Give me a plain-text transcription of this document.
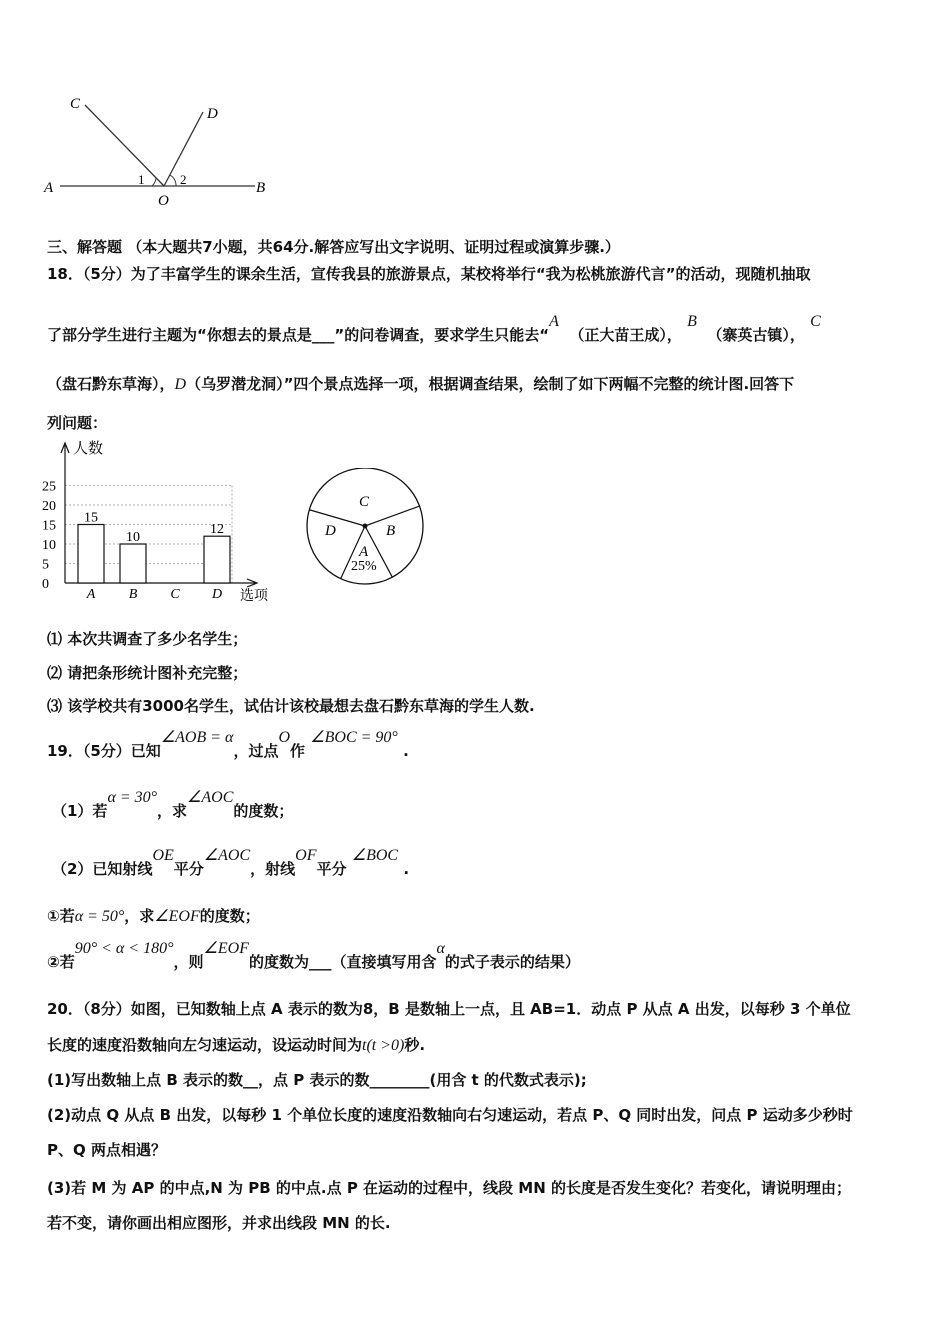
C
D
A	B
O
1	2
三、解答题 （本大题共7小题，共64分.解答应写出文字说明、证明过程或演算步骤.）
18．（5分）为了丰富学生的课余生活，宣传我县的旅游景点，某校将举行“我为松桃旅游代言”的活动，现随机抽取
了部分学生进行主题为“你想去的景点是___”的问卷调查，要求学生只能去“A  （正大苗王成）， B  （寨英古镇）， C
（盘石黔东草海），D（乌罗潜龙洞）”四个景点选择一项，根据调查结果，绘制了如下两幅不完整的统计图.回答下
列问题：
人数
选项
0
5
10
15
20
25
15
A
10
B C
12
D
C
D	B
A
25%
⑴ 本次共调查了多少名学生；
⑵ 请把条形统计图补充完整；
⑶ 该学校共有3000名学生，试估计该校最想去盘石黔东草海的学生人数.
19．（5分）已知∠AOB = α，过点O作 ∠BOC = 90° .
（1）若α = 30°，求∠AOC的度数；
（2）已知射线OE平分∠AOC，射线OF平分 ∠BOC .
①若α = 50°，求∠EOF的度数；
②若90° < α < 180°，则∠EOF的度数为___（直接填写用含α的式子表示的结果）
20．（8分）如图，已知数轴上点 A 表示的数为8，B 是数轴上一点，且 AB=1．动点 P 从点 A 出发，以每秒 3 个单位
长度的速度沿数轴向左匀速运动，设运动时间为t(t >0)秒.
(1)写出数轴上点 B 表示的数__，点 P 表示的数________(用含 t 的代数式表示);
(2)动点 Q 从点 B 出发，以每秒 1 个单位长度的速度沿数轴向右匀速运动，若点 P、Q 同时出发，问点 P 运动多少秒时
P、Q 两点相遇？
(3)若 M 为 AP 的中点,N 为 PB 的中点.点 P 在运动的过程中，线段 MN 的长度是否发生变化？若变化，请说明理由；
若不变，请你画出相应图形，并求出线段 MN 的长.
